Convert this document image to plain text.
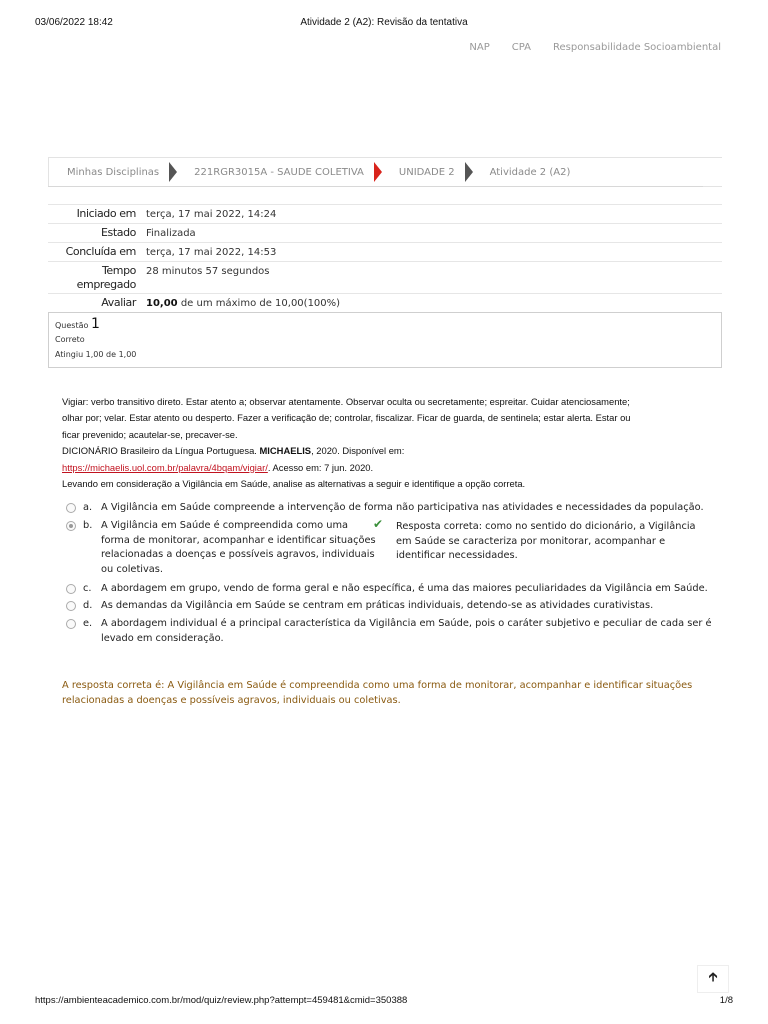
03/06/2022 18:42	Atividade 2 (A2): Revisão da tentativa
NAP CPA Responsabilidade Socioambiental
Minhas Disciplinas	221RGR3015A - SAUDE COLETIVA	UNIDADE 2	Atividade 2 (A2)
Iniciado em	terça, 17 mai 2022, 14:24
Estado	Finalizada
Concluída em	terça, 17 mai 2022, 14:53
Tempo
empregado	28 minutos 57 segundos
Avaliar	10,00 de um máximo de 10,00(100%)
Questão 1
Correto
Atingiu 1,00 de 1,00
Vigiar: verbo transitivo direto. Estar atento a; observar atentamente. Observar oculta ou secretamente; espreitar. Cuidar atenciosamente;
olhar por; velar. Estar atento ou desperto. Fazer a verificação de; controlar, fiscalizar. Ficar de guarda, de sentinela; estar alerta. Estar ou
ficar prevenido; acautelar-se, precaver-se.
DICIONÁRIO Brasileiro da Língua Portuguesa. MICHAELIS, 2020. Disponível em:
https://michaelis.uol.com.br/palavra/4bqam/vigiar/. Acesso em: 7 jun. 2020.
Levando em consideração a Vigilância em Saúde, analise as alternativas a seguir e identifique a opção correta.
a. A Vigilância em Saúde compreende a intervenção de forma não participativa nas atividades e necessidades da população.
b. A Vigilância em Saúde é compreendida como uma
forma de monitorar, acompanhar e identificar situações
relacionadas a doenças e possíveis agravos, individuais
ou coletivas.
✔ Resposta correta: como no sentido do dicionário, a Vigilância
em Saúde se caracteriza por monitorar, acompanhar e
identificar necessidades.
c. A abordagem em grupo, vendo de forma geral e não específica, é uma das maiores peculiaridades da Vigilância em Saúde.
d. As demandas da Vigilância em Saúde se centram em práticas individuais, detendo-se as atividades curativistas.
e. A abordagem individual é a principal característica da Vigilância em Saúde, pois o caráter subjetivo e peculiar de cada ser é
levado em consideração.
A resposta correta é: A Vigilância em Saúde é compreendida como uma forma de monitorar, acompanhar e identificar situações
relacionadas a doenças e possíveis agravos, individuais ou coletivas.
🡱
https://ambienteacademico.com.br/mod/quiz/review.php?attempt=459481&cmid=350388	1/8
